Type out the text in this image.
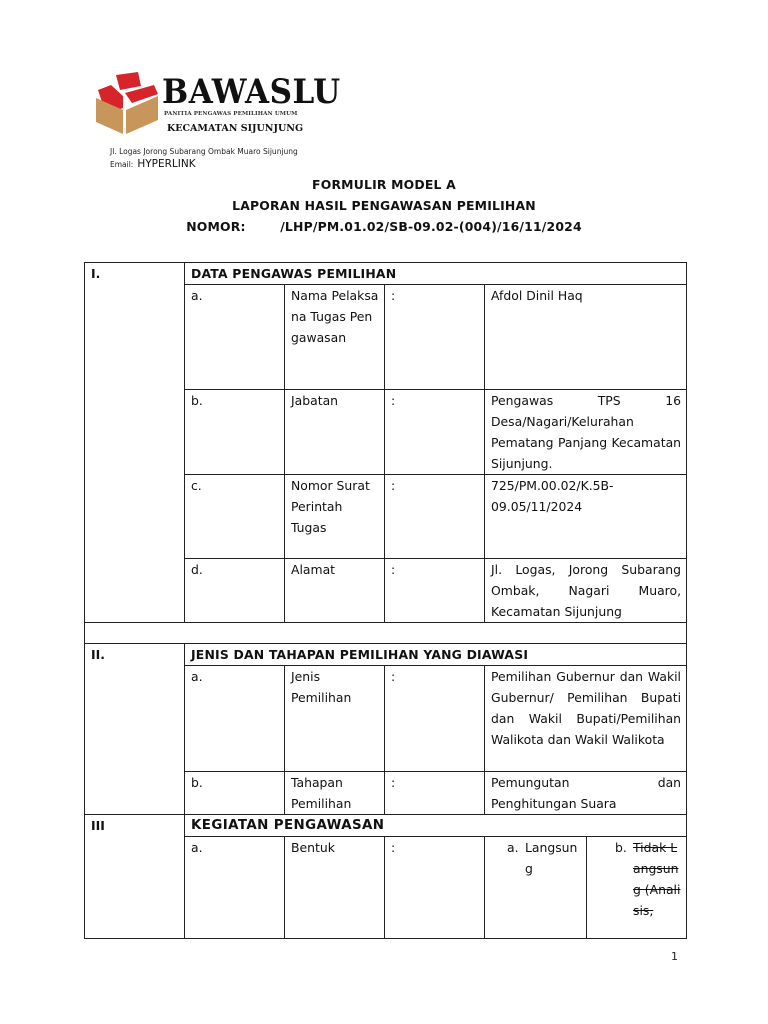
BAWASLU
PANITIA PENGAWAS PEMILIHAN UMUM
KECAMATAN SIJUNJUNG
Jl. Logas Jorong Subarang Ombak Muaro Sijunjung
Email: HYPERLINK
FORMULIR MODEL A
LAPORAN HASIL PENGAWASAN PEMILIHAN
NOMOR:	/LHP/PM.01.02/SB-09.02-(004)/16/11/2024
I.	DATA PENGAWAS PEMILIHAN				
	a.	Nama Pelaksana Tugas Pengawasan	:	Afdol Dinil Haq	
	b.	Jabatan	:	Pengawas TPS 16 Desa/Nagari/Kelurahan Pematang Panjang Kecamatan Sijunjung.	
	c.	Nomor Surat Perintah Tugas	:	725/PM.00.02/K.5B-09.05/11/2024	
	d.	Alamat	:	Jl. Logas, Jorong Subarang Ombak, Nagari Muaro, Kecamatan Sijunjung	

II.	JENIS DAN TAHAPAN PEMILIHAN YANG DIAWASI				
	a.	Jenis Pemilihan	:	Pemilihan Gubernur dan Wakil Gubernur/ Pemilihan Bupati dan Wakil Bupati/Pemilihan Walikota dan Wakil Walikota	
	b.	Tahapan Pemilihan	:	Pemungutan dan Penghitungan Suara	
III	KEGIATAN PENGAWASAN				
	a.	Bentuk	:	a. Langsung	b. Tidak Langsung (Analisis,
1
